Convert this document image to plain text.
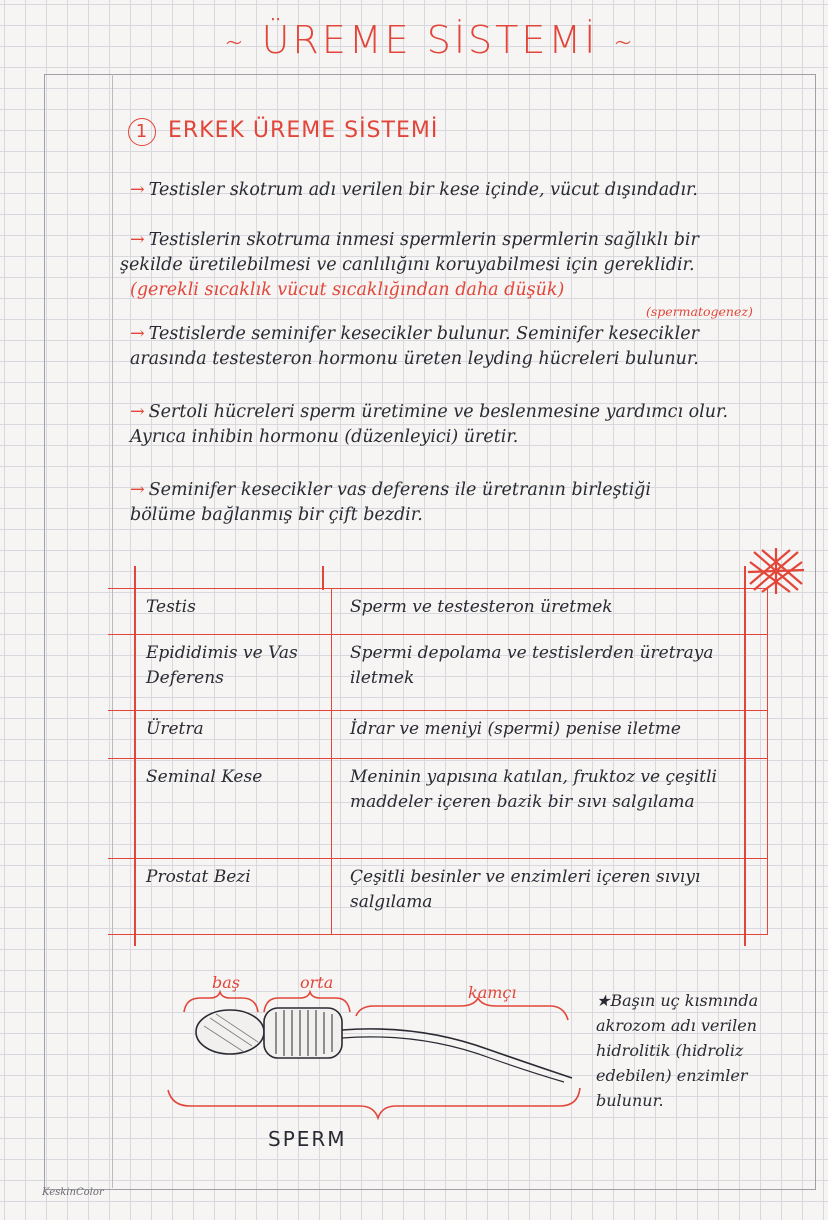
∼ ÜREME SİSTEMİ ∼
1 ERKEK ÜREME SİSTEMİ
→ Testisler skotrum adı verilen bir kese içinde, vücut dışındadır.
→ Testislerin skotruma inmesi spermlerin spermlerin sağlıklı bir
şekilde üretilebilmesi ve canlılığını koruyabilmesi için gereklidir.
(gerekli sıcaklık vücut sıcaklığından daha düşük)
(spermatogenez)
→ Testislerde seminifer kesecikler bulunur. Seminifer kesecikler
arasında testesteron hormonu üreten leyding hücreleri bulunur.
→ Sertoli hücreleri sperm üretimine ve beslenmesine yardımcı olur.
Ayrıca inhibin hormonu (düzenleyici) üretir.
→ Seminifer kesecikler vas deferens ile üretranın birleştiği
bölüme bağlanmış bir çift bezdir.
Testis	Sperm ve testesteron üretmek
Epididimis ve Vas Deferens	Spermi depolama ve testislerden üretraya iletmek
Üretra	İdrar ve meniyi (spermi) penise iletme
Seminal Kese	Meninin yapısına katılan, fruktoz ve çeşitli maddeler içeren bazik bir sıvı salgılama
Prostat Bezi	Çeşitli besinler ve enzimleri içeren sıvıyı salgılama
baş	orta
kamçı
SPERM
★Başın uç kısmında akrozom adı verilen hidrolitik (hidroliz edebilen) enzimler bulunur.
KeskinColor
